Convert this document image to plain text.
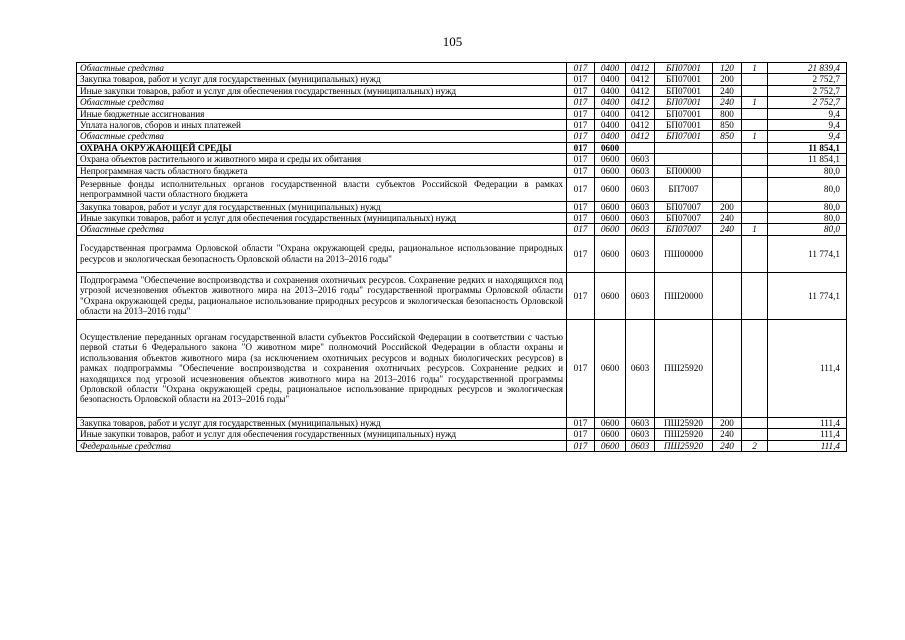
105
Областные средства	017	0400	0412	БП07001	120	1	21 839,4
Закупка товаров, работ и услуг для государственных (муниципальных) нужд	017	0400	0412	БП07001	200		2 752,7
Иные закупки товаров, работ и услуг для обеспечения государственных (муниципальных) нужд	017	0400	0412	БП07001	240		2 752,7
Областные средства	017	0400	0412	БП07001	240	1	2 752,7
Иные бюджетные ассигнования	017	0400	0412	БП07001	800		9,4
Уплата налогов, сборов и иных платежей	017	0400	0412	БП07001	850		9,4
Областные средства	017	0400	0412	БП07001	850	1	9,4
ОХРАНА ОКРУЖАЮЩЕЙ СРЕДЫ	017	0600					11 854,1
Охрана объектов растительного и животного мира и среды их обитания	017	0600	0603				11 854,1
Непрограммная часть областного бюджета	017	0600	0603	БП00000			80,0
Резервные фонды исполнительных органов государственной власти субъектов Российской Федерации в рамках непрограммной части областного бюджета	017	0600	0603	БП7007			80,0
Закупка товаров, работ и услуг для государственных (муниципальных) нужд	017	0600	0603	БП07007	200		80,0
Иные закупки товаров, работ и услуг для обеспечения государственных (муниципальных) нужд	017	0600	0603	БП07007	240		80,0
Областные средства	017	0600	0603	БП07007	240	1	80,0
Государственная программа Орловской области "Охрана окружающей среды, рациональное использование природных ресурсов и экологическая безопасность Орловской области на 2013–2016 годы"	017	0600	0603	ПШ00000			11 774,1
Подпрограмма "Обеспечение воспроизводства и сохранения охотничьих ресурсов. Сохранение редких и находящихся под угрозой исчезновения объектов животного мира на 2013–2016 годы" государственной программы Орловской области "Охрана окружающей среды, рациональное использование природных ресурсов и экологическая безопасность Орловской области на 2013–2016 годы"	017	0600	0603	ПШ20000			11 774,1
Осуществление переданных органам государственной власти субъектов Российской Федерации в соответствии с частью первой статьи 6 Федерального закона "О животном мире" полномочий Российской Федерации в области охраны и использования объектов животного мира (за исключением охотничьих ресурсов и водных биологических ресурсов) в рамках подпрограммы "Обеспечение воспроизводства и сохранения охотничьих ресурсов. Сохранение редких и находящихся под угрозой исчезновения объектов животного мира на 2013–2016 годы" государственной программы Орловской области "Охрана окружающей среды, рациональное использование природных ресурсов и экологическая безопасность Орловской области на 2013–2016 годы"	017	0600	0603	ПШ25920			111,4
Закупка товаров, работ и услуг для государственных (муниципальных) нужд	017	0600	0603	ПШ25920	200		111,4
Иные закупки товаров, работ и услуг для обеспечения государственных (муниципальных) нужд	017	0600	0603	ПШ25920	240		111,4
Федеральные средства	017	0600	0603	ПШ25920	240	2	111,4
